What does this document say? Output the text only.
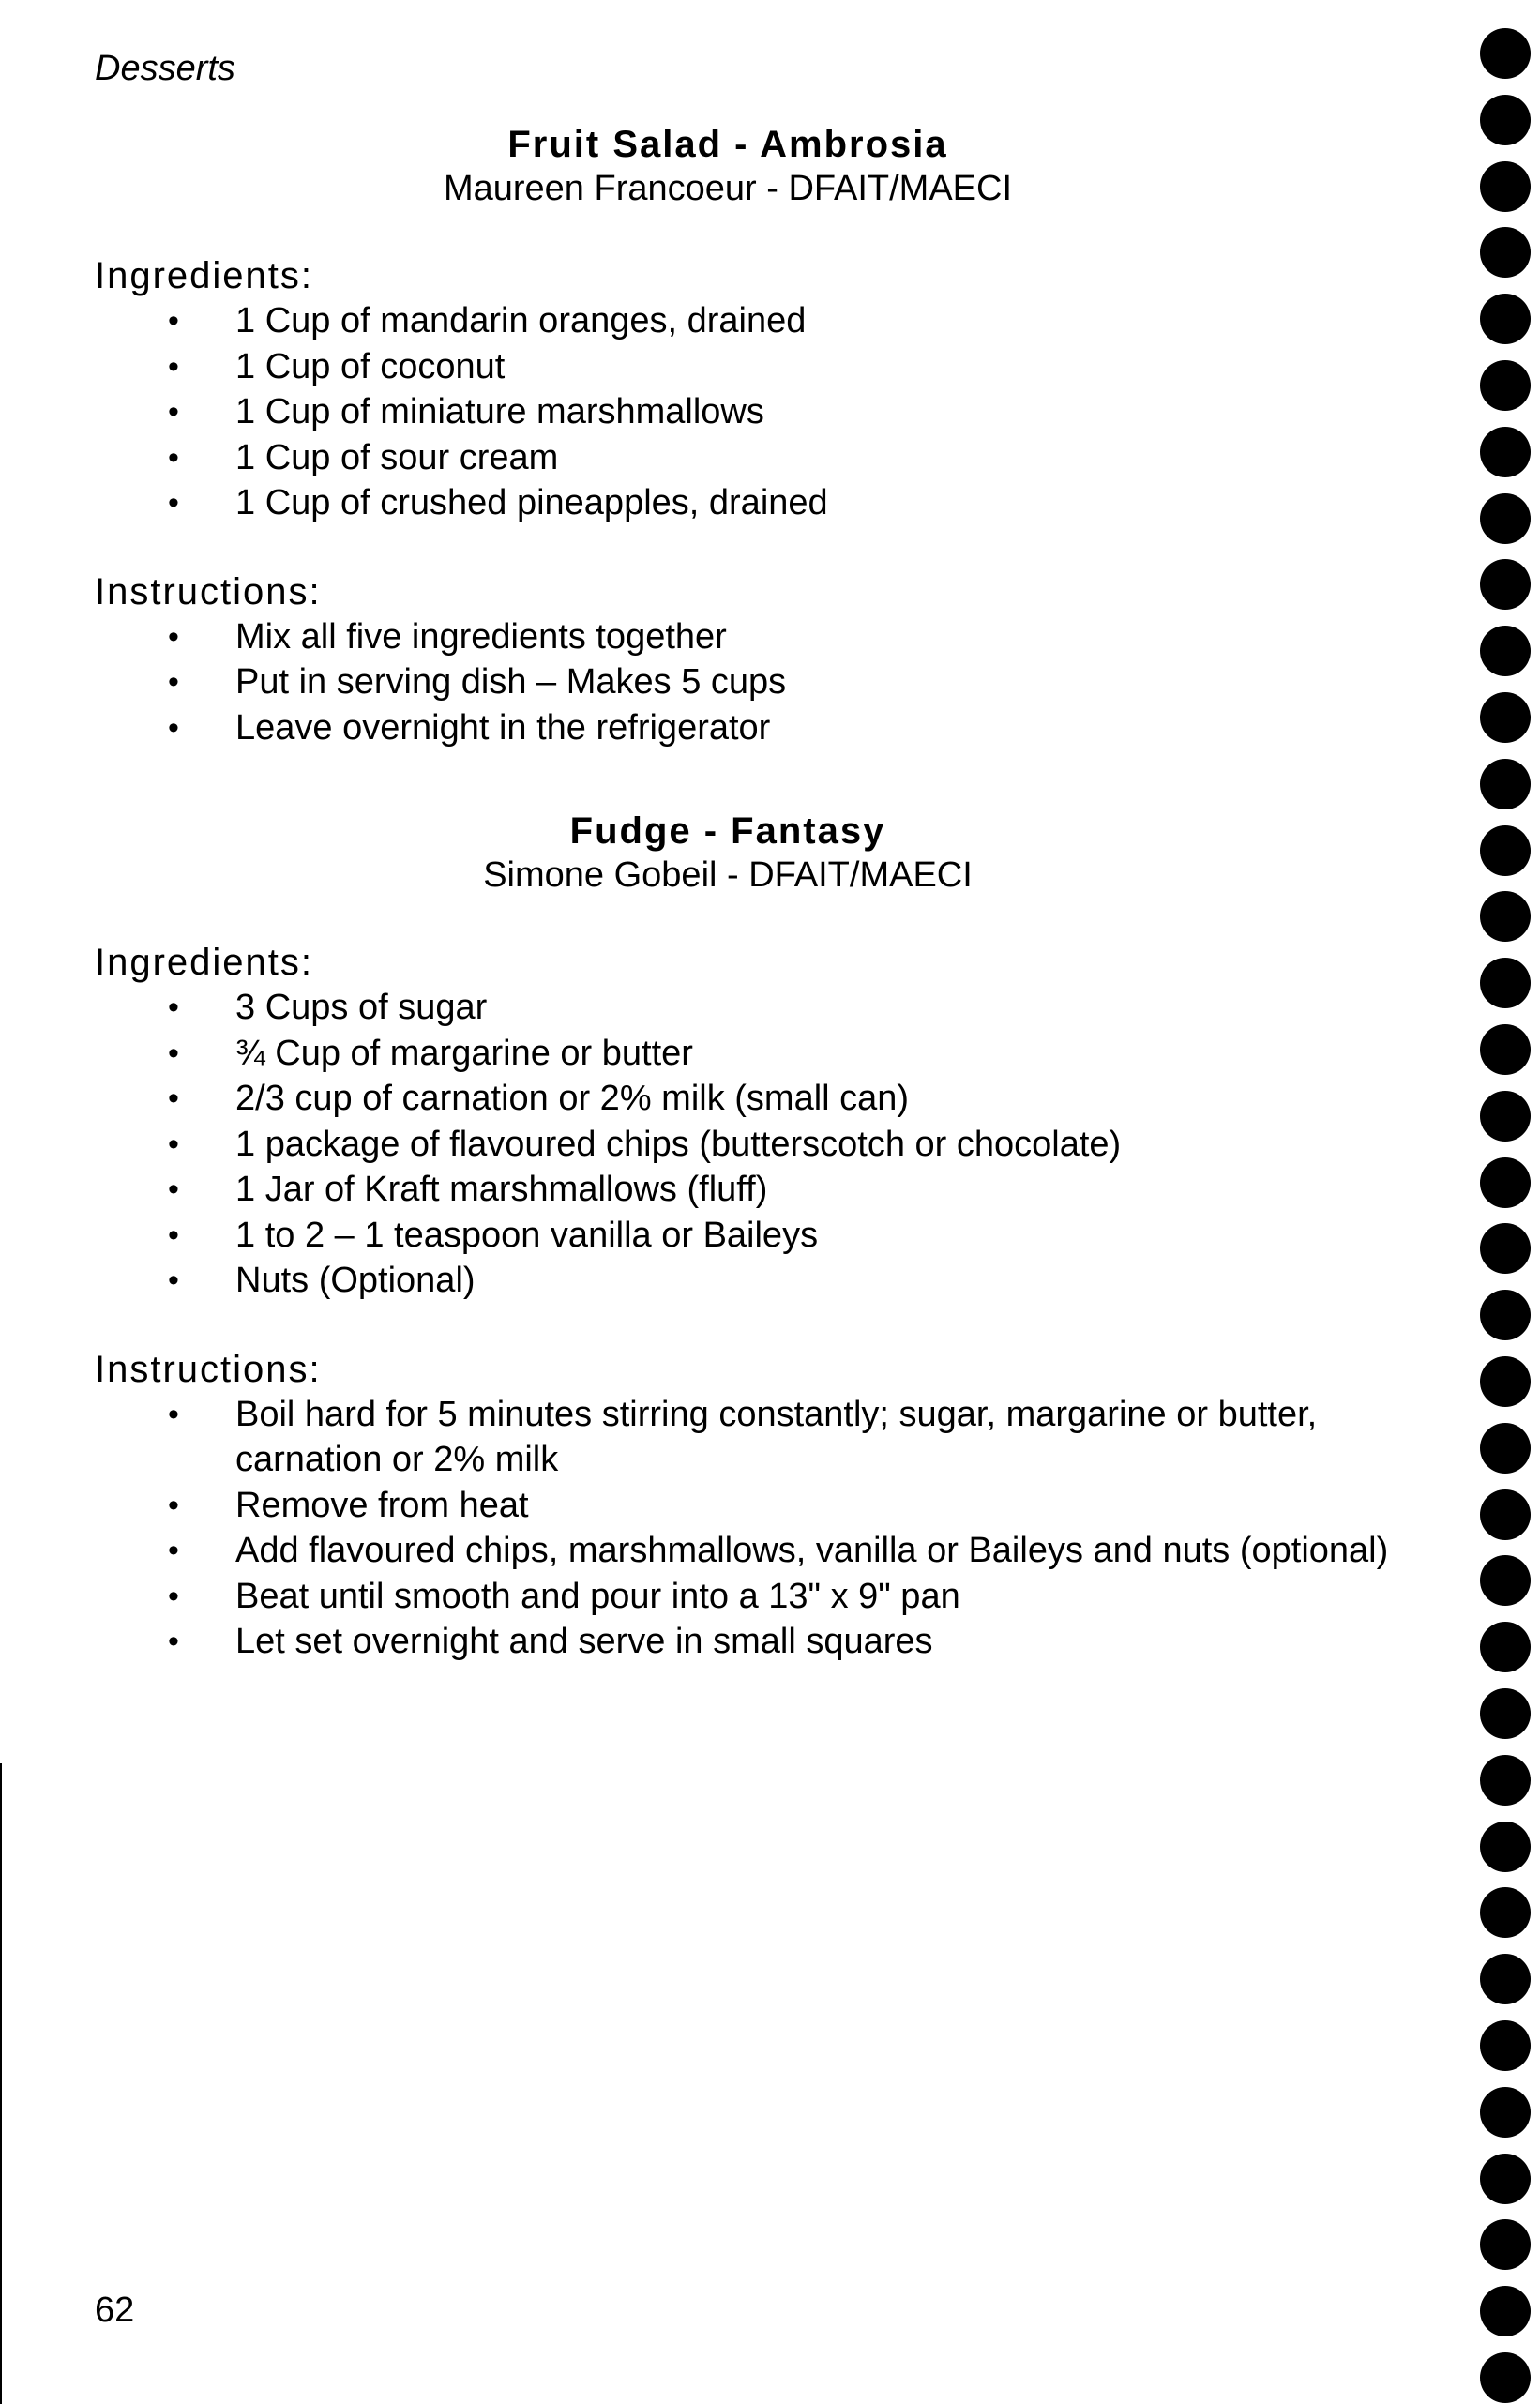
Desserts
Fruit Salad - Ambrosia
Maureen Francoeur - DFAIT/MAECI
Ingredients:
• 1 Cup of mandarin oranges, drained
• 1 Cup of coconut
• 1 Cup of miniature marshmallows
• 1 Cup of sour cream
• 1 Cup of crushed pineapples, drained
Instructions:
• Mix all five ingredients together
• Put in serving dish – Makes 5 cups
• Leave overnight in the refrigerator
Fudge - Fantasy
Simone Gobeil - DFAIT/MAECI
Ingredients:
• 3 Cups of sugar
• ¾ Cup of margarine or butter
• 2/3 cup of carnation or 2% milk (small can)
• 1 package of flavoured chips (butterscotch or chocolate)
• 1 Jar of Kraft marshmallows (fluff)
• 1 to 2 – 1 teaspoon vanilla or Baileys
• Nuts (Optional)
Instructions:
• Boil hard for 5 minutes stirring constantly; sugar, margarine or butter, carnation or 2% milk
• Remove from heat
• Add flavoured chips, marshmallows, vanilla or Baileys and nuts (optional)
• Beat until smooth and pour into a 13" x 9" pan
• Let set overnight and serve in small squares
62
